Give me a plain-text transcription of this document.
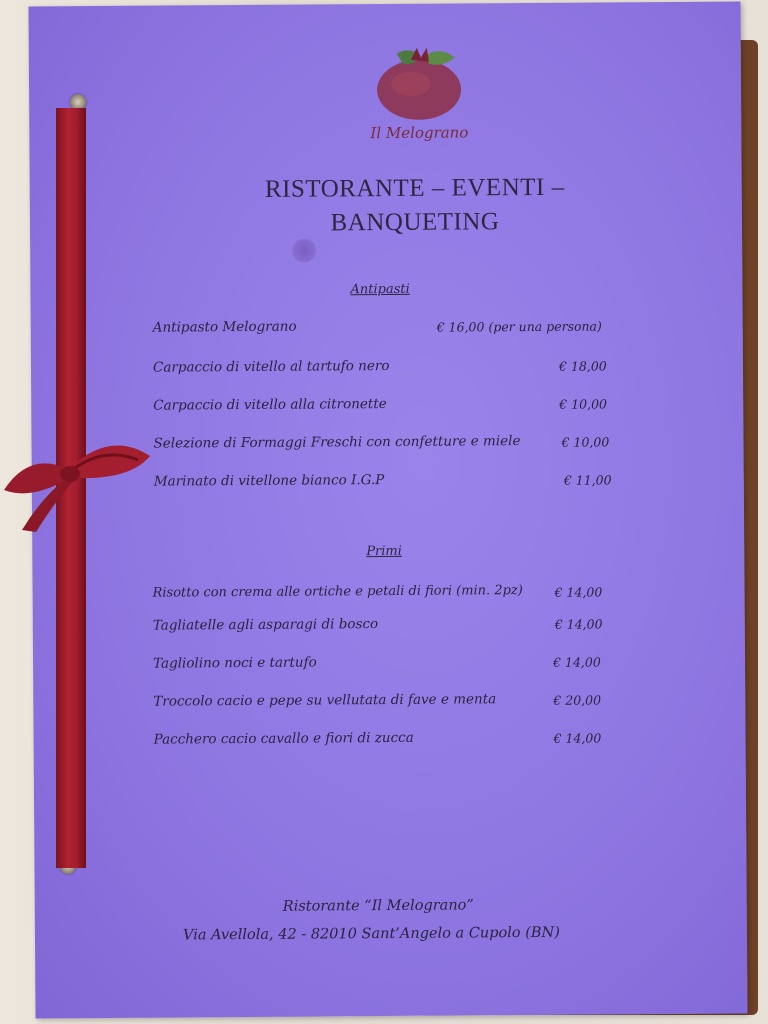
Il Melograno
RISTORANTE – EVENTI –
BANQUETING
Antipasti
Antipasto Melograno	€ 16,00 (per una persona)
Carpaccio di vitello al tartufo nero	€ 18,00
Carpaccio di vitello alla citronette	€ 10,00
Selezione di Formaggi Freschi con confetture e miele	€ 10,00
Marinato di vitellone bianco I.G.P	€ 11,00
Primi
Risotto con crema alle ortiche e petali di fiori (min. 2pz)	€ 14,00
Tagliatelle agli asparagi di bosco	€ 14,00
Tagliolino noci e tartufo	€ 14,00
Troccolo cacio e pepe su vellutata di fave e menta	€ 20,00
Pacchero cacio cavallo e fiori di zucca	€ 14,00
Ristorante “Il Melograno”
Via Avellola, 42 - 82010 Sant’Angelo a Cupolo (BN)
